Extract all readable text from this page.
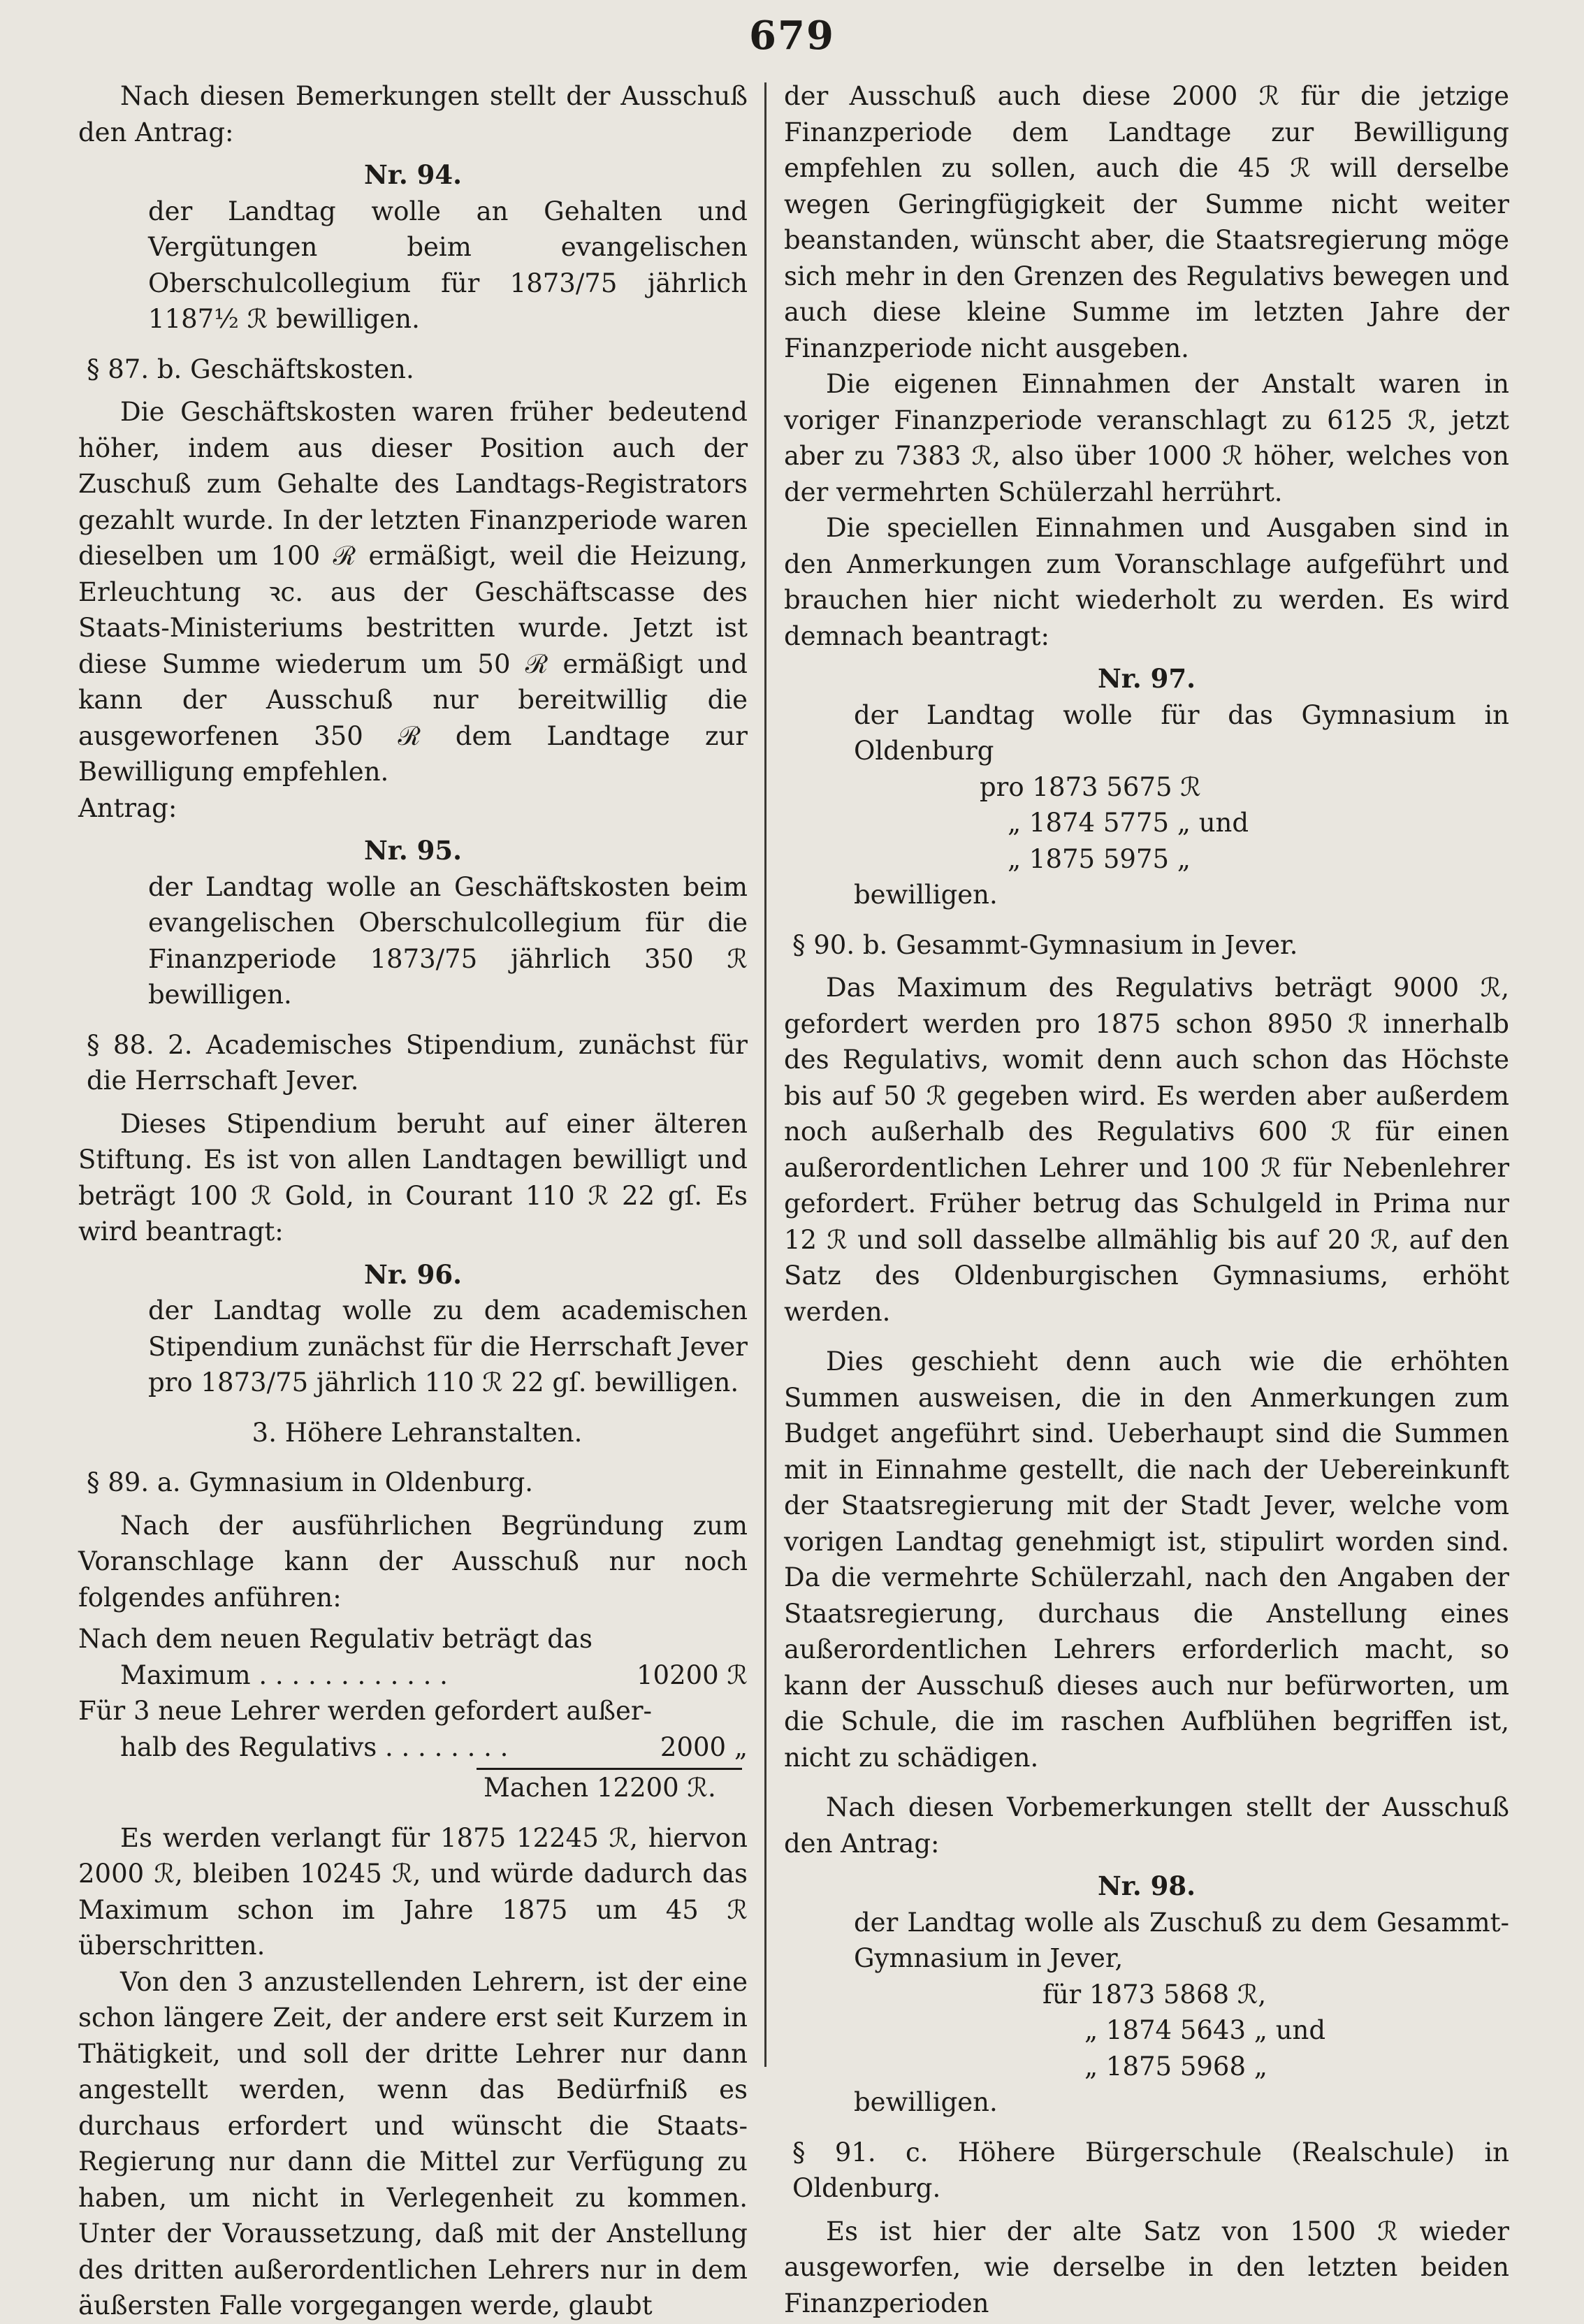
679

Nach diesen Bemerkungen stellt der Ausschuß den Antrag:

Nr. 94.

der Landtag wolle an Gehalten und Vergütungen beim evangelischen Oberschulcollegium für 1873/75 jährlich 1187½ ℛ bewilligen.

§ 87. b. Geschäftskosten.

Die Geschäftskosten waren früher bedeutend höher, indem aus dieser Position auch der Zuschuß zum Gehalte des Landtags-Registrators gezahlt wurde. In der letzten Finanzperiode waren dieselben um 100 ℛ ermäßigt, weil die Heizung, Erleuchtung ꝛc. aus der Geschäftscasse des Staats-Ministeriums bestritten wurde. Jetzt ist diese Summe wiederum um 50 ℛ ermäßigt und kann der Ausschuß nur bereitwillig die ausgeworfenen 350 ℛ dem Landtage zur Bewilligung empfehlen.

Antrag:

Nr. 95.

der Landtag wolle an Geschäftskosten beim evangelischen Oberschulcollegium für die Finanzperiode 1873/75 jährlich 350 ℛ bewilligen.

§ 88. 2. Academisches Stipendium, zunächst für die Herrschaft Jever.

Dieses Stipendium beruht auf einer älteren Stiftung. Es ist von allen Landtagen bewilligt und beträgt 100 ℛ Gold, in Courant 110 ℛ 22 gſ. Es wird beantragt:

Nr. 96.

der Landtag wolle zu dem academischen Stipendium zunächst für die Herrschaft Jever pro 1873/75 jährlich 110 ℛ 22 gſ. bewilligen.

3. Höhere Lehranstalten.

§ 89. a. Gymnasium in Oldenburg.

Nach der ausführlichen Begründung zum Voranschlage kann der Ausschuß nur noch folgendes anführen:

Nach dem neuen Regulativ beträgt das

Maximum . . . . . . . . . . . .	10200 ℛ

Für 3 neue Lehrer werden gefordert außer-

halb des Regulativs . . . . . . . .	2000 „

Machen 12200 ℛ.

Es werden verlangt für 1875 12245 ℛ, hiervon 2000 ℛ, bleiben 10245 ℛ, und würde dadurch das Maximum schon im Jahre 1875 um 45 ℛ überschritten.

Von den 3 anzustellenden Lehrern, ist der eine schon längere Zeit, der andere erst seit Kurzem in Thätigkeit, und soll der dritte Lehrer nur dann angestellt werden, wenn das Bedürfniß es durchaus erfordert und wünscht die Staats-Regierung nur dann die Mittel zur Verfügung zu haben, um nicht in Verlegenheit zu kommen. Unter der Voraussetzung, daß mit der Anstellung des dritten außerordentlichen Lehrers nur in dem äußersten Falle vorgegangen werde, glaubt

der Ausschuß auch diese 2000 ℛ für die jetzige Finanzperiode dem Landtage zur Bewilligung empfehlen zu sollen, auch die 45 ℛ will derselbe wegen Geringfügigkeit der Summe nicht weiter beanstanden, wünscht aber, die Staatsregierung möge sich mehr in den Grenzen des Regulativs bewegen und auch diese kleine Summe im letzten Jahre der Finanzperiode nicht ausgeben.

Die eigenen Einnahmen der Anstalt waren in voriger Finanzperiode veranschlagt zu 6125 ℛ, jetzt aber zu 7383 ℛ, also über 1000 ℛ höher, welches von der vermehrten Schülerzahl herrührt.

Die speciellen Einnahmen und Ausgaben sind in den Anmerkungen zum Voranschlage aufgeführt und brauchen hier nicht wiederholt zu werden. Es wird demnach beantragt:

Nr. 97.

der Landtag wolle für das Gymnasium in Oldenburg

pro 1873 5675 ℛ

„ 1874 5775 „ und

„ 1875 5975 „

bewilligen.

§ 90. b. Gesammt-Gymnasium in Jever.

Das Maximum des Regulativs beträgt 9000 ℛ, gefordert werden pro 1875 schon 8950 ℛ innerhalb des Regulativs, womit denn auch schon das Höchste bis auf 50 ℛ gegeben wird. Es werden aber außerdem noch außerhalb des Regulativs 600 ℛ für einen außerordentlichen Lehrer und 100 ℛ für Nebenlehrer gefordert. Früher betrug das Schulgeld in Prima nur 12 ℛ und soll dasselbe allmählig bis auf 20 ℛ, auf den Satz des Oldenburgischen Gymnasiums, erhöht werden.

Dies geschieht denn auch wie die erhöhten Summen ausweisen, die in den Anmerkungen zum Budget angeführt sind. Ueberhaupt sind die Summen mit in Einnahme gestellt, die nach der Uebereinkunft der Staatsregierung mit der Stadt Jever, welche vom vorigen Landtag genehmigt ist, stipulirt worden sind. Da die vermehrte Schülerzahl, nach den Angaben der Staatsregierung, durchaus die Anstellung eines außerordentlichen Lehrers erforderlich macht, so kann der Ausschuß dieses auch nur befürworten, um die Schule, die im raschen Aufblühen begriffen ist, nicht zu schädigen.

Nach diesen Vorbemerkungen stellt der Ausschuß den Antrag:

Nr. 98.

der Landtag wolle als Zuschuß zu dem Gesammt-Gymnasium in Jever,

für 1873 5868 ℛ,

„ 1874 5643 „ und

„ 1875 5968 „

bewilligen.

§ 91. c. Höhere Bürgerschule (Realschule) in Oldenburg.

Es ist hier der alte Satz von 1500 ℛ wieder ausgeworfen, wie derselbe in den letzten beiden Finanzperioden
